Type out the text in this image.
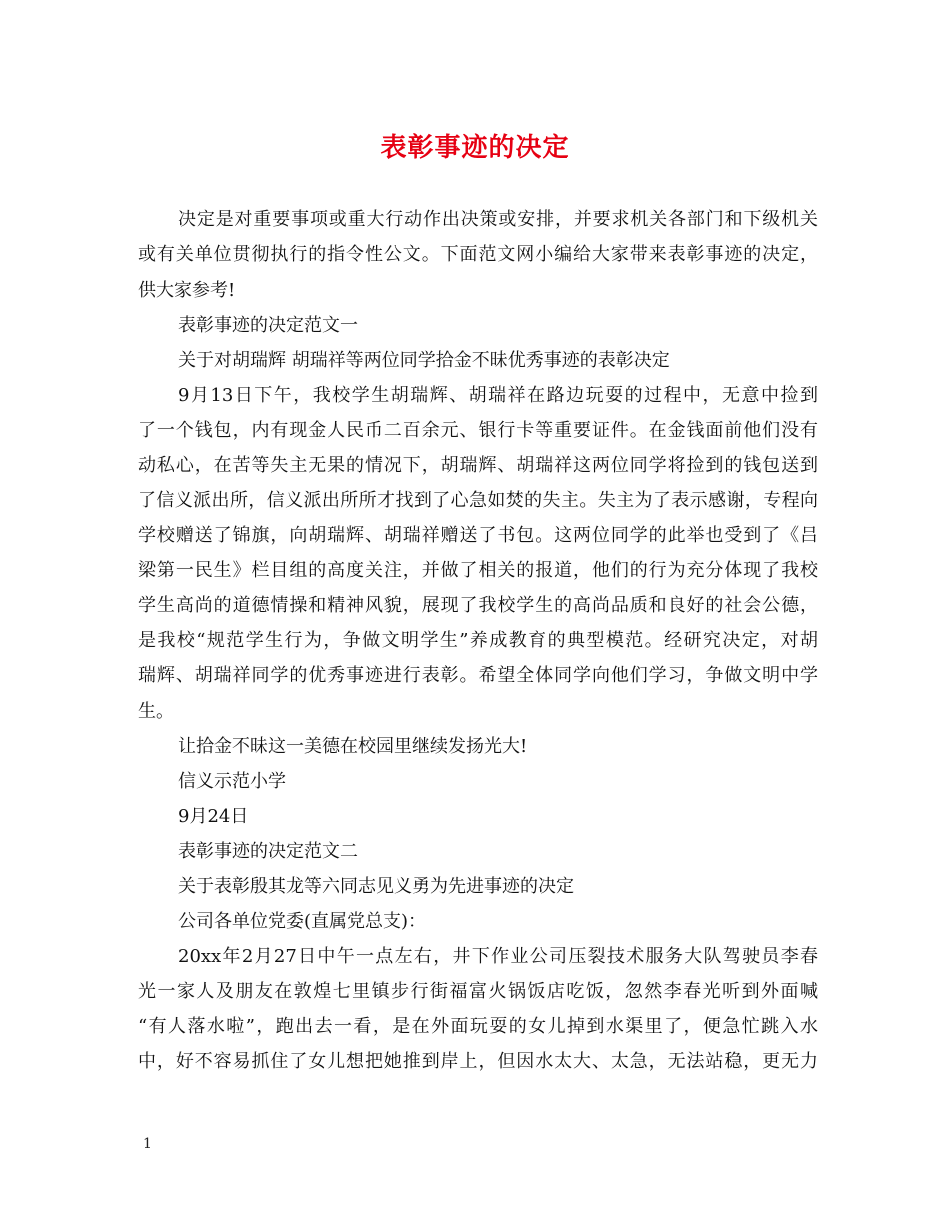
表彰事迹的决定
决定是对重要事项或重大行动作出决策或安排，并要求机关各部门和下级机关
或有关单位贯彻执行的指令性公文。下面范文网小编给大家带来表彰事迹的决定，
供大家参考!
表彰事迹的决定范文一
关于对胡瑞辉 胡瑞祥等两位同学拾金不昧优秀事迹的表彰决定
9月13日下午，我校学生胡瑞辉、胡瑞祥在路边玩耍的过程中，无意中捡到
了一个钱包，内有现金人民币二百余元、银行卡等重要证件。在金钱面前他们没有
动私心，在苦等失主无果的情况下，胡瑞辉、胡瑞祥这两位同学将捡到的钱包送到
了信义派出所，信义派出所所才找到了心急如焚的失主。失主为了表示感谢，专程向
学校赠送了锦旗，向胡瑞辉、胡瑞祥赠送了书包。这两位同学的此举也受到了《吕
梁第一民生》栏目组的高度关注，并做了相关的报道，他们的行为充分体现了我校
学生高尚的道德情操和精神风貌，展现了我校学生的高尚品质和良好的社会公德，
是我校“规范学生行为，争做文明学生”养成教育的典型模范。经研究决定，对胡
瑞辉、胡瑞祥同学的优秀事迹进行表彰。希望全体同学向他们学习，争做文明中学
生。
让拾金不昧这一美德在校园里继续发扬光大!
信义示范小学
9月24日
表彰事迹的决定范文二
关于表彰殷其龙等六同志见义勇为先进事迹的决定
公司各单位党委(直属党总支)：
20xx年2月27日中午一点左右，井下作业公司压裂技术服务大队驾驶员李春
光一家人及朋友在敦煌七里镇步行街福富火锅饭店吃饭，忽然李春光听到外面喊
“有人落水啦”，跑出去一看，是在外面玩耍的女儿掉到水渠里了，便急忙跳入水
中，好不容易抓住了女儿想把她推到岸上，但因水太大、太急，无法站稳，更无力
1
